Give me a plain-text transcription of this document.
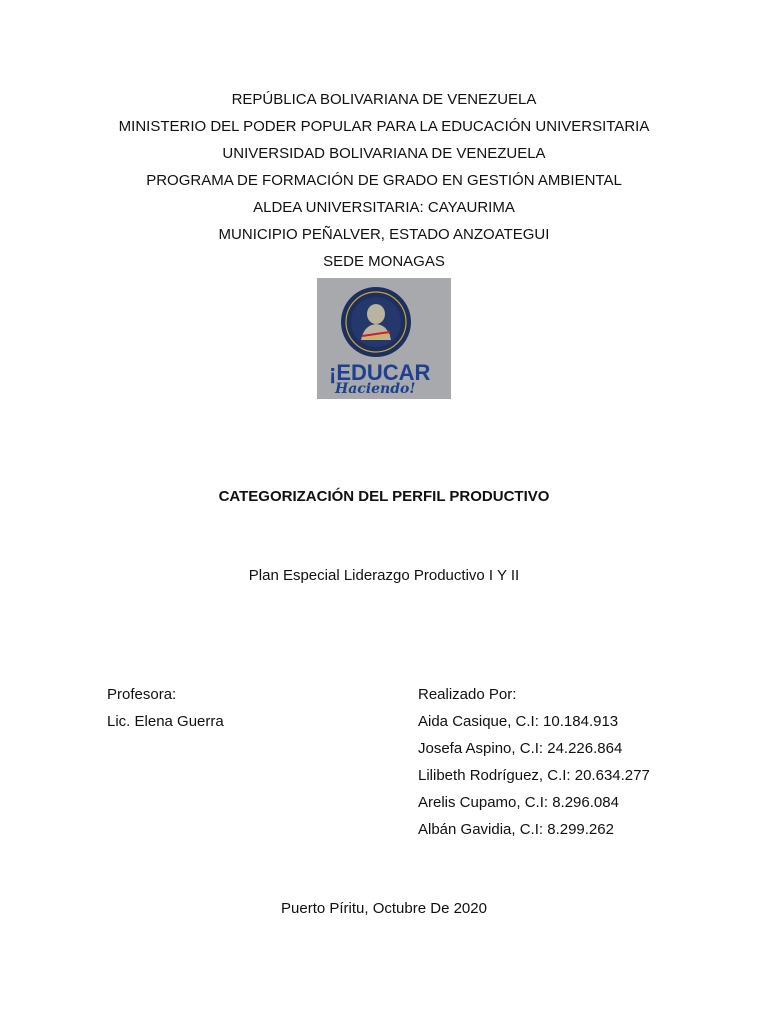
REPÚBLICA BOLIVARIANA DE VENEZUELA
MINISTERIO DEL PODER POPULAR PARA LA EDUCACIÓN UNIVERSITARIA
UNIVERSIDAD BOLIVARIANA DE VENEZUELA
PROGRAMA DE FORMACIÓN DE GRADO EN GESTIÓN AMBIENTAL
ALDEA UNIVERSITARIA: CAYAURIMA
MUNICIPIO PEÑALVER, ESTADO ANZOATEGUI
SEDE MONAGAS
¡EDUCAR
Haciendo!
CATEGORIZACIÓN DEL PERFIL PRODUCTIVO
Plan Especial Liderazgo Productivo I Y II
Profesora:
Lic. Elena Guerra
Realizado Por:
Aida Casique, C.I: 10.184.913
Josefa Aspino, C.I: 24.226.864
Lilibeth Rodríguez, C.I: 20.634.277
Arelis Cupamo, C.I: 8.296.084
Albán Gavidia, C.I: 8.299.262
Puerto Píritu, Octubre De 2020
